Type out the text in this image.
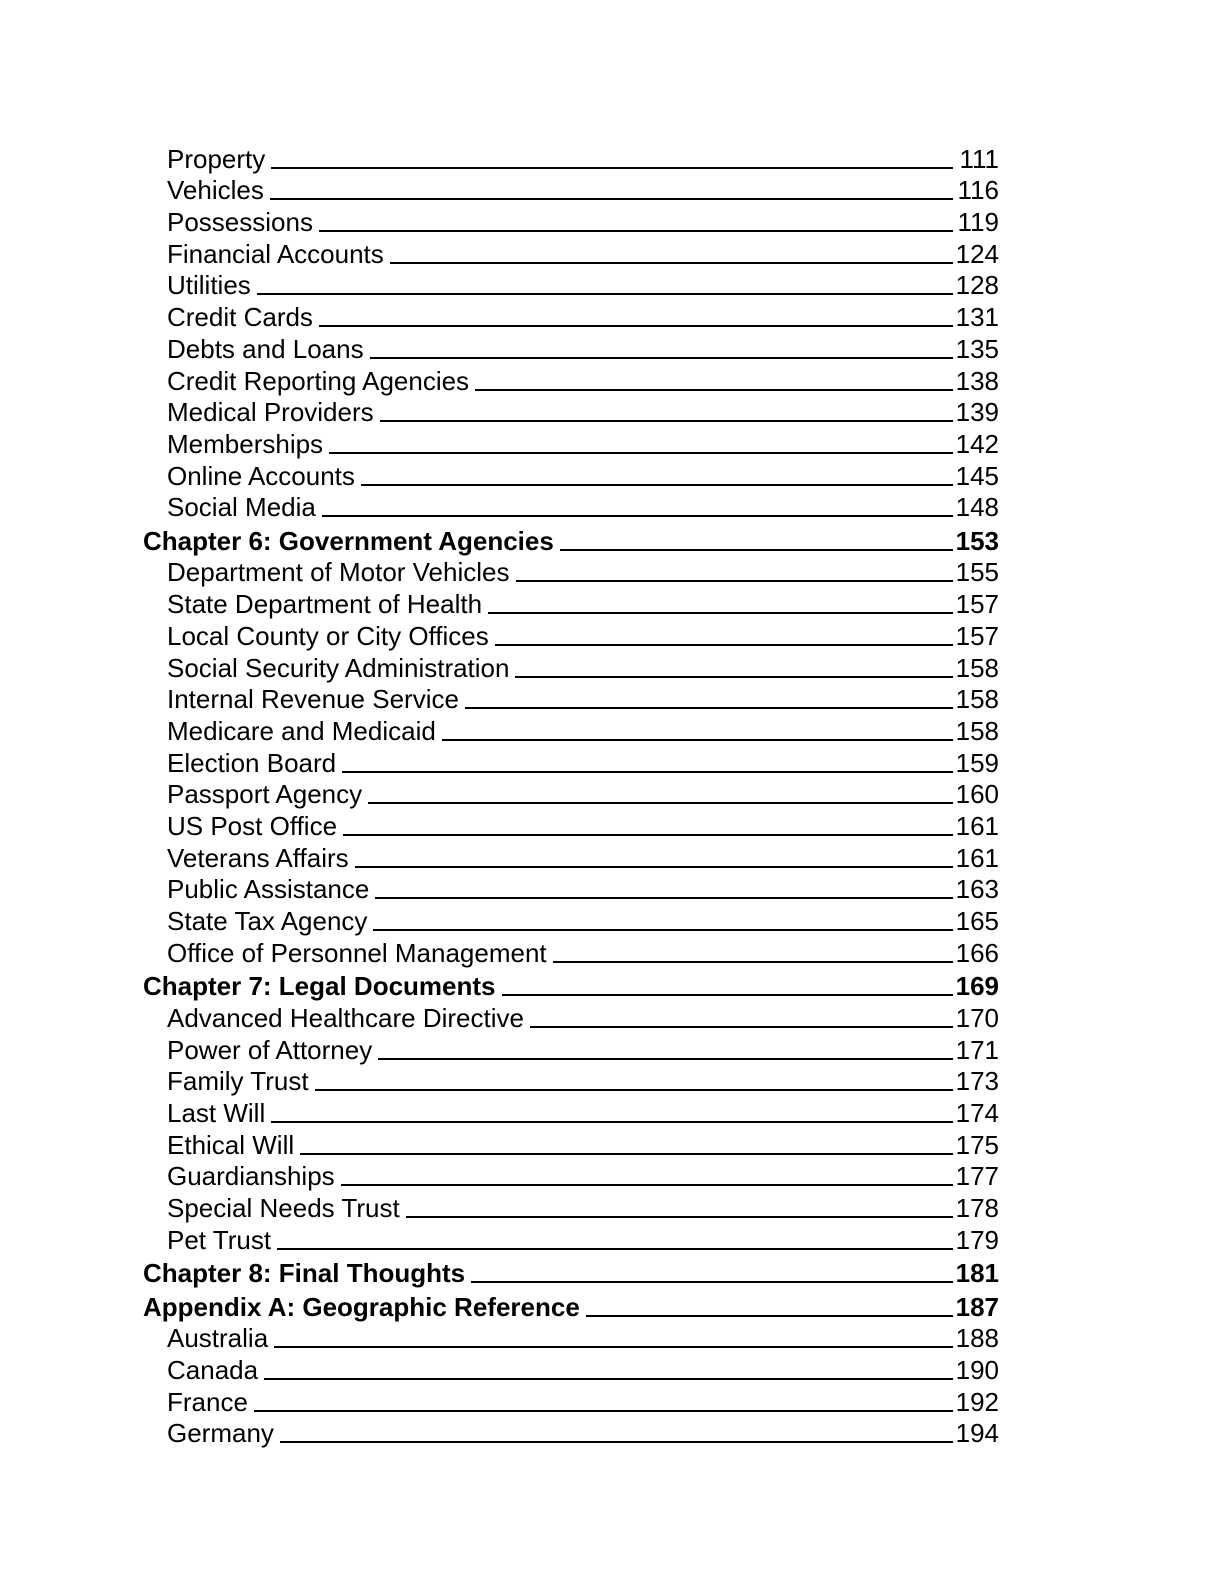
Property	111
Vehicles	116
Possessions	119
Financial Accounts	124
Utilities	128
Credit Cards	131
Debts and Loans	135
Credit Reporting Agencies	138
Medical Providers	139
Memberships	142
Online Accounts	145
Social Media	148
Chapter 6: Government Agencies	153
Department of Motor Vehicles	155
State Department of Health	157
Local County or City Offices	157
Social Security Administration	158
Internal Revenue Service	158
Medicare and Medicaid	158
Election Board	159
Passport Agency	160
US Post Office	161
Veterans Affairs	161
Public Assistance	163
State Tax Agency	165
Office of Personnel Management	166
Chapter 7: Legal Documents	169
Advanced Healthcare Directive	170
Power of Attorney	171
Family Trust	173
Last Will	174
Ethical Will	175
Guardianships	177
Special Needs Trust	178
Pet Trust	179
Chapter 8: Final Thoughts	181
Appendix A: Geographic Reference	187
Australia	188
Canada	190
France	192
Germany	194
